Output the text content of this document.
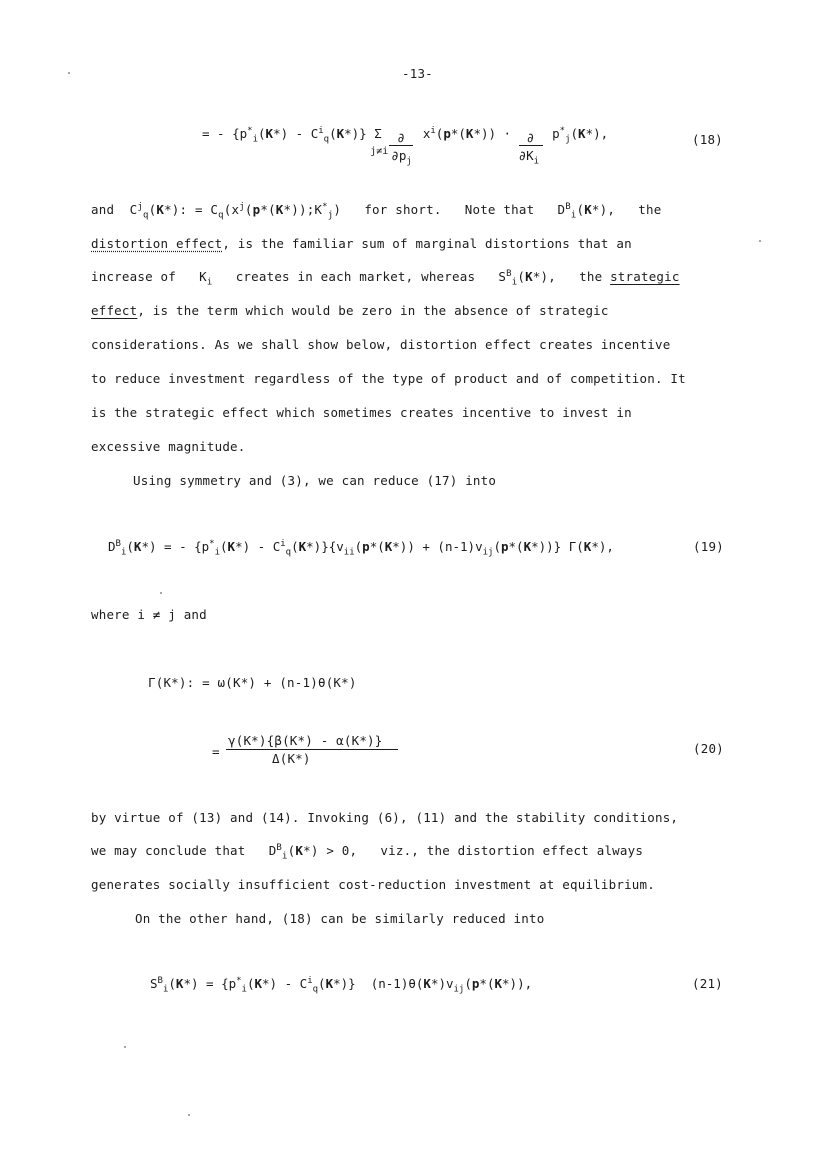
-13-
= - $\{p^*_i(K*) - C^i_q(K*)\}$ Σ
j≠i

∂
$\partial p_j$
$x^i(p*(K*))$ · ∂
$\partial K_i$
$p^*_j(K*)$,	(18)
and  $C^j_q(K*)$: = $C_q(x^j(p*(K*));K^*_j)$   for short.   Note that   $D^B_i(K*)$,   the
distortion effect, is the familiar sum of marginal distortions that an
increase of   $K_i$   creates in each market, whereas   $S^B_i(K*)$,   the strategic
effect, is the term which would be zero in the absence of strategic
considerations. As we shall show below, distortion effect creates incentive
to reduce investment regardless of the type of product and of competition. It
is the strategic effect which sometimes creates incentive to invest in
excessive magnitude.
Using symmetry and (3), we can reduce (17) into
$D^B_i(K*)$ = - $\{p^*_i(K*) - C^i_q(K*)\}\{v_{ii}(p*(K*)) + (n-1)v_{ij}(p*(K*))\}$ Γ(K*),	(19)
where i ≠ j and
Γ(K*): = ω(K*) + (n-1)θ(K*)
=
γ(K*){β(K*) - α(K*)}
Δ(K*)
(20)
by virtue of (13) and (14). Invoking (6), (11) and the stability conditions,
we may conclude that   $D^B_i(K*) > 0$,   viz., the distortion effect always
generates socially insufficient cost-reduction investment at equilibrium.
On the other hand, (18) can be similarly reduced into
$S^B_i(K*) = \{p^*_i(K*) - C^i_q(K*)\}$  $(n-1)\theta(K*)v_{ij}(p*(K*))$,	(21)
